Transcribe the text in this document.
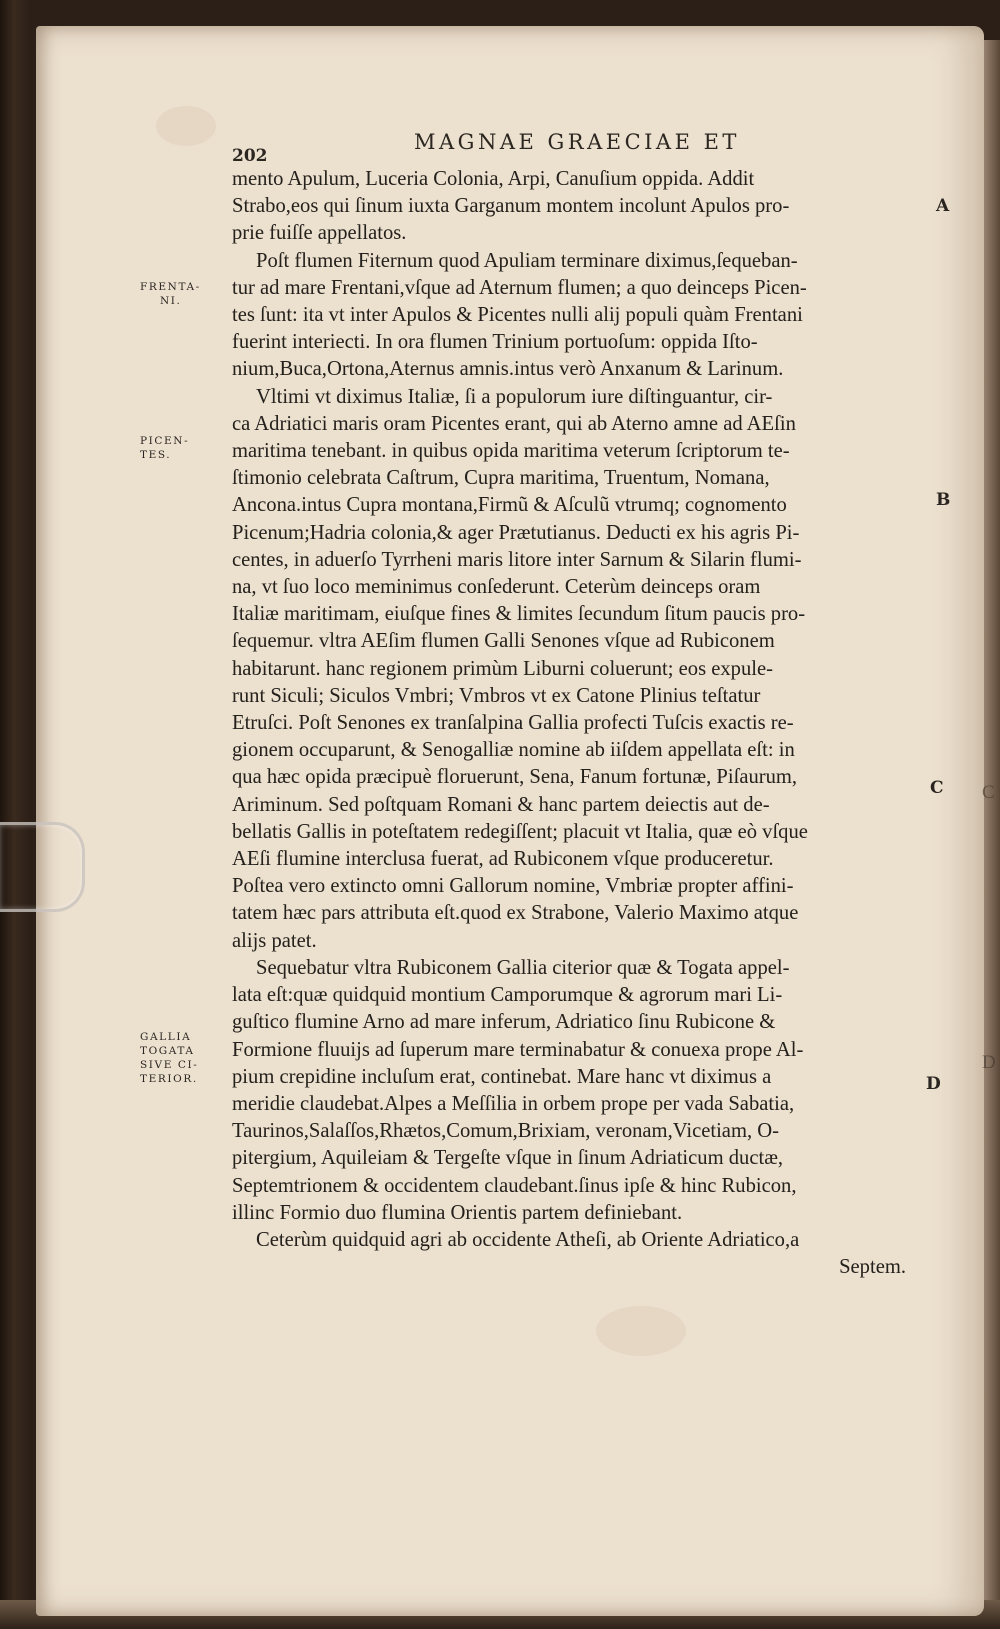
202
MAGNAE GRAECIAE ET
FRENTA-
NI.
PICEN-
TES.
GALLIA
TOGATA
SIVE CI-
TERIOR.
A
B
C
D
C
D
mento Apulum, Luceria Colonia, Arpi, Canuſium oppida. Addit
Strabo,eos qui ſinum iuxta Garganum montem incolunt Apulos pro-
prie fuiſſe appellatos.
Poſt flumen Fiternum quod Apuliam terminare diximus,ſequeban-
tur ad mare Frentani,vſque ad Aternum flumen; a quo deinceps Picen-
tes ſunt: ita vt inter Apulos & Picentes nulli alij populi quàm Frentani
fuerint interiecti. In ora flumen Trinium portuoſum: oppida Iſto-
nium,Buca,Ortona,Aternus amnis.intus verò Anxanum & Larinum.
Vltimi vt diximus Italiæ, ſi a populorum iure diſtinguantur, cir-
ca Adriatici maris oram Picentes erant, qui ab Aterno amne ad AEſin
maritima tenebant. in quibus opida maritima veterum ſcriptorum te-
ſtimonio celebrata Caſtrum, Cupra maritima, Truentum, Nomana,
Ancona.intus Cupra montana,Firmũ & Aſculũ vtrumq; cognomento
Picenum;Hadria colonia,& ager Prætutianus. Deducti ex his agris Pi-
centes, in aduerſo Tyrrheni maris litore inter Sarnum & Silarin flumi-
na, vt ſuo loco meminimus conſederunt. Ceterùm deinceps oram
Italiæ maritimam, eiuſque fines & limites ſecundum ſitum paucis pro-
ſequemur. vltra AEſim flumen Galli Senones vſque ad Rubiconem
habitarunt. hanc regionem primùm Liburni coluerunt; eos expule-
runt Siculi; Siculos Vmbri; Vmbros vt ex Catone Plinius teſtatur
Etruſci. Poſt Senones ex tranſalpina Gallia profecti Tuſcis exactis re-
gionem occuparunt, & Senogalliæ nomine ab iiſdem appellata eſt: in
qua hæc opida præcipuè floruerunt, Sena, Fanum fortunæ, Piſaurum,
Ariminum. Sed poſtquam Romani & hanc partem deiectis aut de-
bellatis Gallis in poteſtatem redegiſſent; placuit vt Italia, quæ eò vſque
AEſi flumine interclusa fuerat, ad Rubiconem vſque produceretur.
Poſtea vero extincto omni Gallorum nomine, Vmbriæ propter affini-
tatem hæc pars attributa eſt.quod ex Strabone, Valerio Maximo atque
alijs patet.
Sequebatur vltra Rubiconem Gallia citerior quæ & Togata appel-
lata eſt:quæ quidquid montium Camporumque & agrorum mari Li-
guſtico flumine Arno ad mare inferum, Adriatico ſinu Rubicone &
Formione fluuijs ad ſuperum mare terminabatur & conuexa prope Al-
pium crepidine incluſum erat, continebat. Mare hanc vt diximus a
meridie claudebat.Alpes a Meſſilia in orbem prope per vada Sabatia,
Taurinos,Salaſſos,Rhætos,Comum,Brixiam, veronam,Vicetiam, O-
pitergium, Aquileiam & Tergeſte vſque in ſinum Adriaticum ductæ,
Septemtrionem & occidentem claudebant.ſinus ipſe & hinc Rubicon,
illinc Formio duo flumina Orientis partem definiebant.
Ceterùm quidquid agri ab occidente Atheſi, ab Oriente Adriatico,a
Septem.
